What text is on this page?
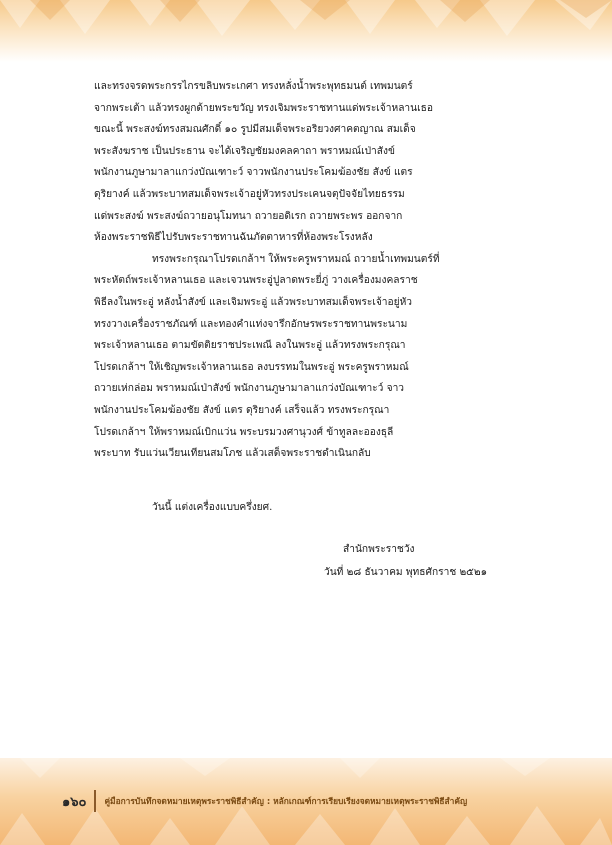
และทรงจรดพระกรรไกรขลิบพระเกศา ทรงหลั่งน้ำพระพุทธมนต์ เทพมนตร์
จากพระเต้า แล้วทรงผูกด้ายพระขวัญ ทรงเจิมพระราชทานแด่พระเจ้าหลานเธอ
ขณะนี้ พระสงฆ์ทรงสมณศักดิ์ ๑๐ รูปมีสมเด็จพระอริยวงศาคตญาณ สมเด็จ
พระสังฆราช เป็นประธาน จะได้เจริญชัยมงคลคาถา พราหมณ์เป่าสังข์
พนักงานภูษามาลาแกว่งบัณเฑาะว์ จาวพนักงานประโคมฆ้องชัย สังข์ แตร
ดุริยางค์ แล้วพระบาทสมเด็จพระเจ้าอยู่หัวทรงประเคนจตุปัจจัยไทยธรรม
แด่พระสงฆ์ พระสงฆ์ถวายอนุโมทนา ถวายอดิเรก ถวายพระพร ออกจาก
ห้องพระราชพิธีไปรับพระราชทานฉันภัตตาหารที่ห้องพระโรงหลัง

ทรงพระกรุณาโปรดเกล้าฯ ให้พระครูพราหมณ์ ถวายน้ำเทพมนตร์ที่
พระหัตถ์พระเจ้าหลานเธอ และเจวนพระอู่ปูลาดพระยี่ภู่ วางเครื่องมงคลราช
พิธีลงในพระอู่ หลังน้ำสังข์ และเจิมพระอู่ แล้วพระบาทสมเด็จพระเจ้าอยู่หัว
ทรงวางเครื่องราชภัณฑ์ และทองคำแท่งจารึกอักษรพระราชทานพระนาม
พระเจ้าหลานเธอ ตามขัตติยราชประเพณี ลงในพระอู่ แล้วทรงพระกรุณา
โปรดเกล้าฯ ให้เชิญพระเจ้าหลานเธอ ลงบรรทมในพระอู่ พระครูพราหมณ์
ถวายเห่กล่อม พราหมณ์เป่าสังข์ พนักงานภูษามาลาแกว่งบัณเฑาะว์ จาว
พนักงานประโคมฆ้องชัย สังข์ แตร ดุริยางค์ เสร็จแล้ว ทรงพระกรุณา
โปรดเกล้าฯ ให้พราหมณ์เบิกแว่น พระบรมวงศานุวงศ์ ข้าทูลละอองธุลี
พระบาท รับแว่นเวียนเทียนสมโภช แล้วเสด็จพระราชดำเนินกลับ

วันนี้ แต่งเครื่องแบบครึ่งยศ.
สำนักพระราชวัง
วันที่ ๒๘ ธันวาคม พุทธศักราช ๒๕๒๑
๑๖๐	คู่มือการบันทึกจดหมายเหตุพระราชพิธีสำคัญ : หลักเกณฑ์การเรียบเรียงจดหมายเหตุพระราชพิธีสำคัญ
